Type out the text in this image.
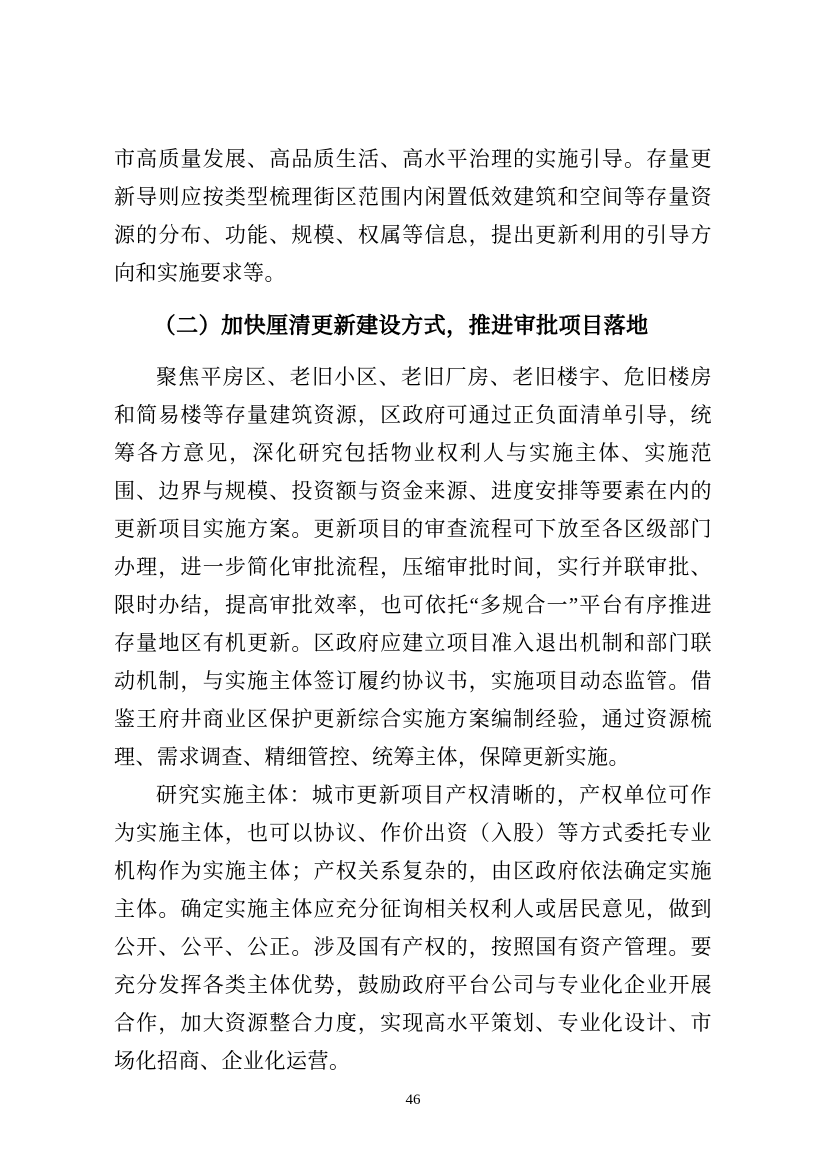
市高质量发展、高品质生活、高水平治理的实施引导。存量更新导则应按类型梳理街区范围内闲置低效建筑和空间等存量资源的分布、功能、规模、权属等信息，提出更新利用的引导方向和实施要求等。

（二）加快厘清更新建设方式，推进审批项目落地

聚焦平房区、老旧小区、老旧厂房、老旧楼宇、危旧楼房和简易楼等存量建筑资源，区政府可通过正负面清单引导，统筹各方意见，深化研究包括物业权利人与实施主体、实施范围、边界与规模、投资额与资金来源、进度安排等要素在内的更新项目实施方案。更新项目的审查流程可下放至各区级部门办理，进一步简化审批流程，压缩审批时间，实行并联审批、限时办结，提高审批效率，也可依托“多规合一”平台有序推进存量地区有机更新。区政府应建立项目准入退出机制和部门联动机制，与实施主体签订履约协议书，实施项目动态监管。借鉴王府井商业区保护更新综合实施方案编制经验，通过资源梳理、需求调查、精细管控、统筹主体，保障更新实施。

研究实施主体：城市更新项目产权清晰的，产权单位可作为实施主体，也可以协议、作价出资（入股）等方式委托专业机构作为实施主体；产权关系复杂的，由区政府依法确定实施主体。确定实施主体应充分征询相关权利人或居民意见，做到公开、公平、公正。涉及国有产权的，按照国有资产管理。要充分发挥各类主体优势，鼓励政府平台公司与专业化企业开展合作，加大资源整合力度，实现高水平策划、专业化设计、市场化招商、企业化运营。

46
